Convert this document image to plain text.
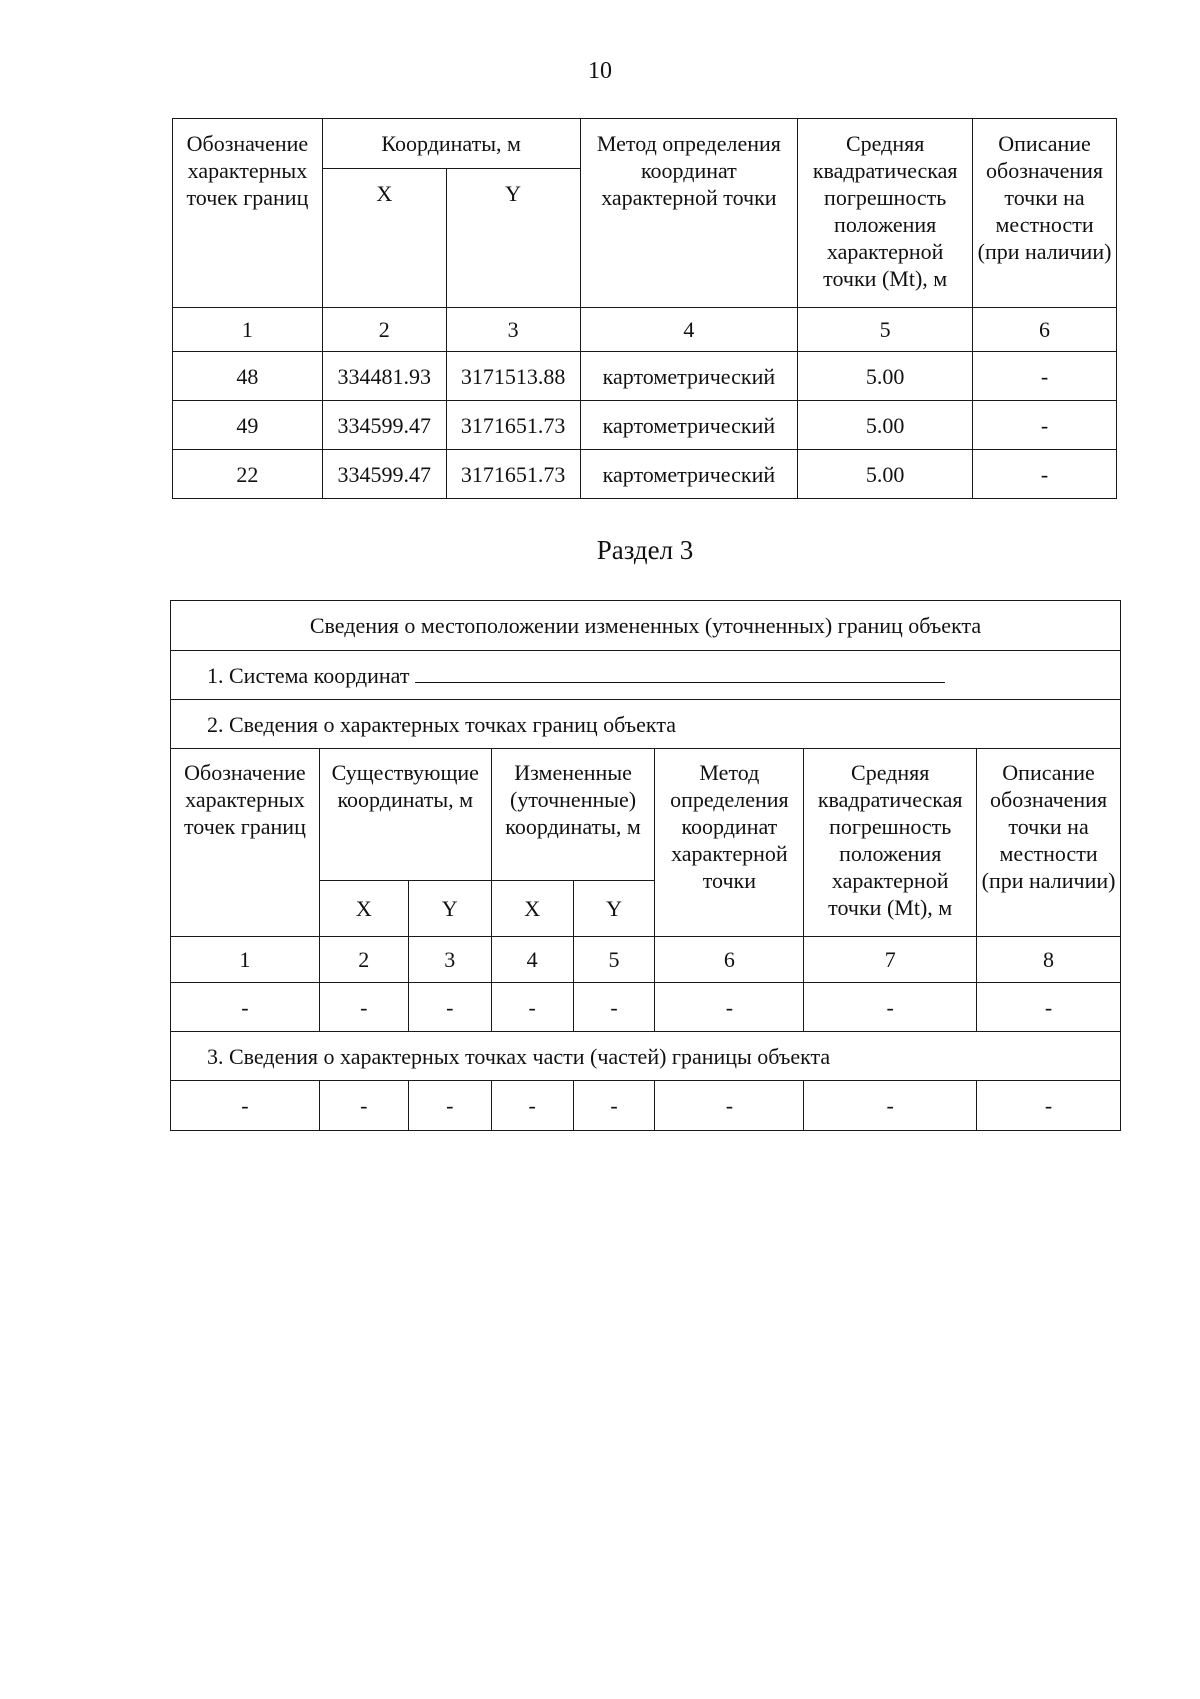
10
Обозначение характерных точек границ	Координаты, м		Метод определения координат характерной точки	Средняя квадратическая погрешность положения характерной точки (Mt), м	Описание обозначения точки на местности (при наличии)
	X	Y			
1	2	3	4	5	6
48	334481.93	3171513.88	картометрический	5.00	-
49	334599.47	3171651.73	картометрический	5.00	-
22	334599.47	3171651.73	картометрический	5.00	-
Раздел 3
Сведения о местоположении измененных (уточненных) границ объекта							
1. Система координат							
2. Сведения о характерных точках границ объекта							
Обозначение характерных точек границ	Существующие координаты, м		Измененные (уточненные) координаты, м		Метод определения координат характерной точки	Средняя квадратическая погрешность положения характерной точки (Mt), м	Описание обозначения точки на местности (при наличии)
	X	Y	X	Y			
1	2	3	4	5	6	7	8
-	-	-	-	-	-	-	-
3. Сведения о характерных точках части (частей) границы объекта							
-	-	-	-	-	-	-	-
